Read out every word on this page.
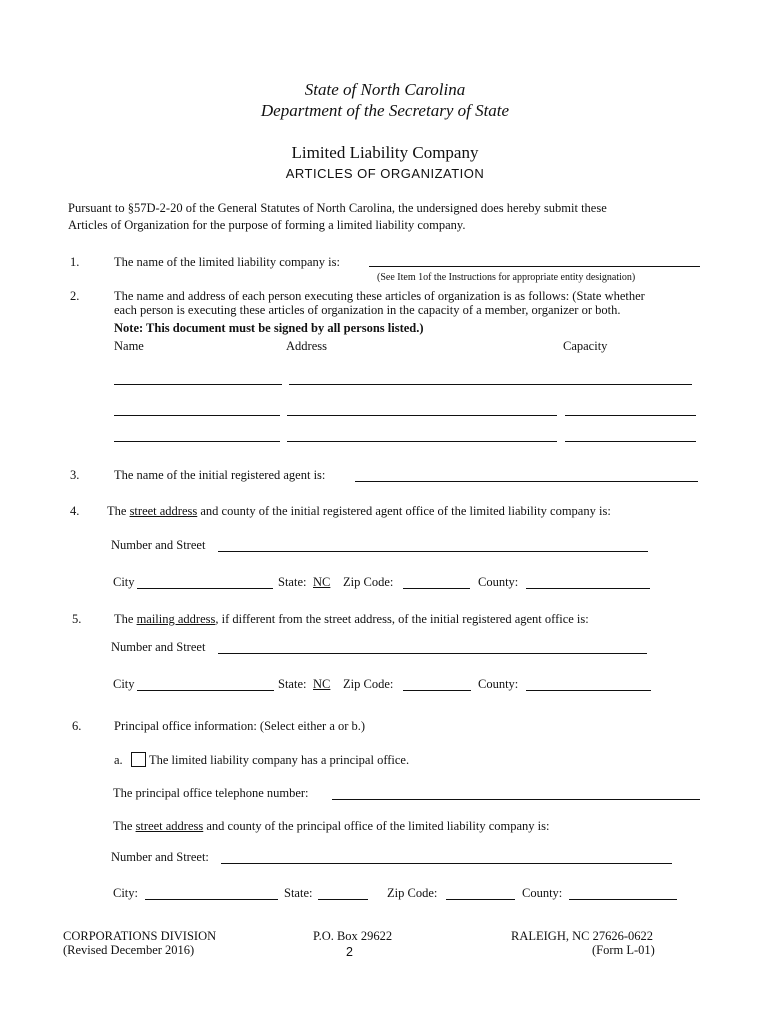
State of North Carolina
Department of the Secretary of State
Limited Liability Company
ARTICLES OF ORGANIZATION
Pursuant to §57D-2-20 of the General Statutes of North Carolina, the undersigned does hereby submit these
Articles of Organization for the purpose of forming a limited liability company.
1.	The name of the limited liability company is:
(See Item 1of the Instructions for appropriate entity designation)
2.	The name and address of each person executing these articles of organization is as follows: (State whether
each person is executing these articles of organization in the capacity of a member, organizer or both.
Note: This document must be signed by all persons listed.)
Name	Address	Capacity
3.	The name of the initial registered agent is:
4. The street address and county of the initial registered agent office of the limited liability company is:
Number and Street
City	State: NC Zip Code:	County:
5.	The mailing address, if different from the street address, of the initial registered agent office is:
Number and Street
City	State: NC Zip Code:	County:
6.	Principal office information: (Select either a or b.)
a. The limited liability company has a principal office.
The principal office telephone number:
The street address and county of the principal office of the limited liability company is:
Number and Street:
City:	State:	Zip Code:	County:
CORPORATIONS DIVISION
(Revised December 2016)
P.O. Box 29622
2
RALEIGH, NC 27626-0622
(Form L-01)
